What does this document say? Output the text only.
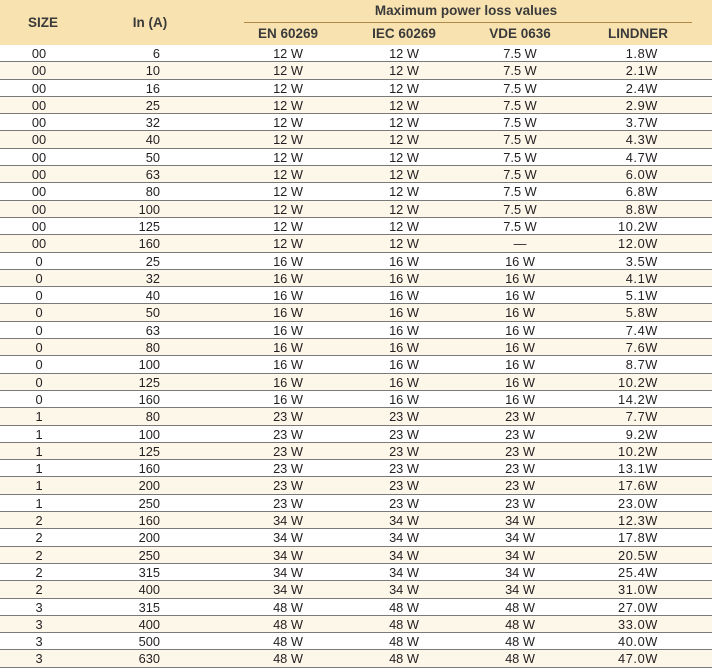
SIZE	In (A)
Maximum power loss values
EN 60269	IEC 60269	VDE 0636	LINDNER
00	6	12 W	12 W	7.5 W	1.8W
00	10	12 W	12 W	7.5 W	2.1W
00	16	12 W	12 W	7.5 W	2.4W
00	25	12 W	12 W	7.5 W	2.9W
00	32	12 W	12 W	7.5 W	3.7W
00	40	12 W	12 W	7.5 W	4.3W
00	50	12 W	12 W	7.5 W	4.7W
00	63	12 W	12 W	7.5 W	6.0W
00	80	12 W	12 W	7.5 W	6.8W
00	100	12 W	12 W	7.5 W	8.8W
00	125	12 W	12 W	7.5 W	10.2W
00	160	12 W	12 W	—	12.0W
0	25	16 W	16 W	16 W	3.5W
0	32	16 W	16 W	16 W	4.1W
0	40	16 W	16 W	16 W	5.1W
0	50	16 W	16 W	16 W	5.8W
0	63	16 W	16 W	16 W	7.4W
0	80	16 W	16 W	16 W	7.6W
0	100	16 W	16 W	16 W	8.7W
0	125	16 W	16 W	16 W	10.2W
0	160	16 W	16 W	16 W	14.2W
1	80	23 W	23 W	23 W	7.7W
1	100	23 W	23 W	23 W	9.2W
1	125	23 W	23 W	23 W	10.2W
1	160	23 W	23 W	23 W	13.1W
1	200	23 W	23 W	23 W	17.6W
1	250	23 W	23 W	23 W	23.0W
2	160	34 W	34 W	34 W	12.3W
2	200	34 W	34 W	34 W	17.8W
2	250	34 W	34 W	34 W	20.5W
2	315	34 W	34 W	34 W	25.4W
2	400	34 W	34 W	34 W	31.0W
3	315	48 W	48 W	48 W	27.0W
3	400	48 W	48 W	48 W	33.0W
3	500	48 W	48 W	48 W	40.0W
3	630	48 W	48 W	48 W	47.0W
